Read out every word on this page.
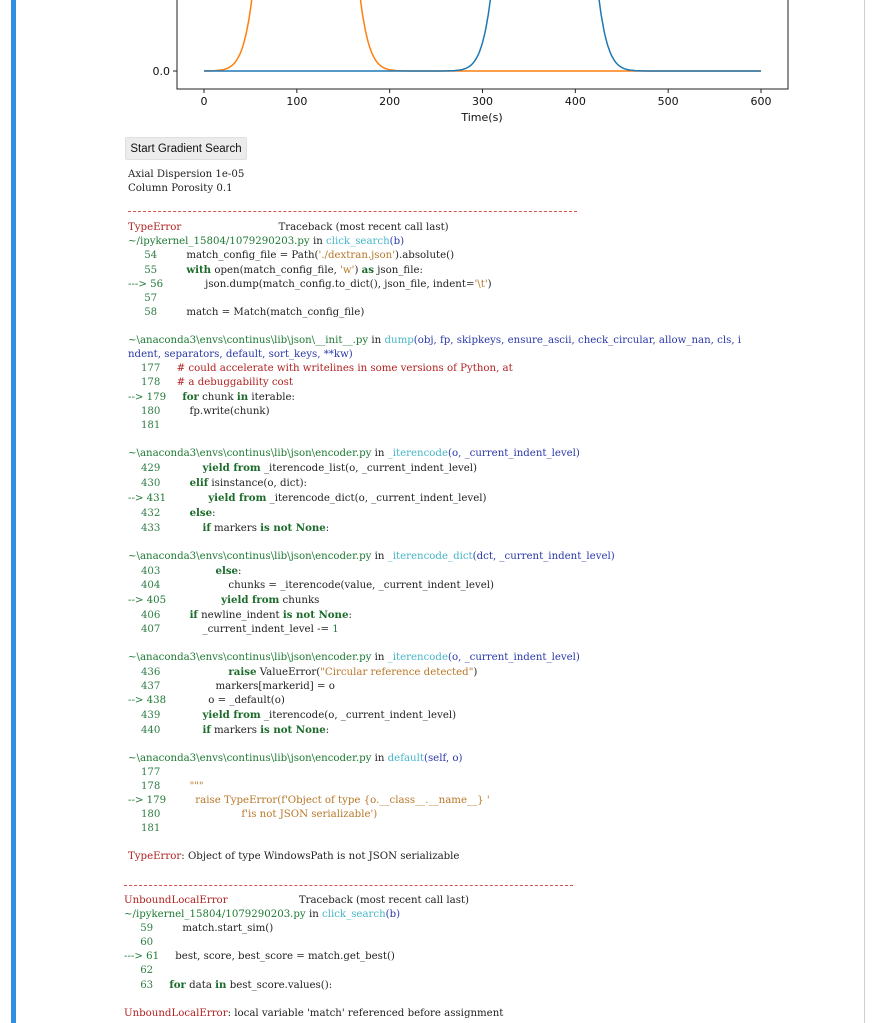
0	100	200	300	400	500	600
0.0
Time(s)
Start Gradient Search
Axial Dispersion 1e-05
Column Porosity 0.1
TypeError	Traceback (most recent call last)
~/ipykernel_15804/1079290203.py in click_search(b)
54         match_config_file = Path('./dextran.json').absolute()
55	with open(match_config_file, 'w') as json_file:
---> 56             json.dump(match_config.to_dict(), json_file, indent='\t')
57
58	match = Match(match_config_file)

~\anaconda3\envs\continus\lib\json\__init__.py in dump(obj, fp, skipkeys, ensure_ascii, check_circular, allow_nan, cls, i
ndent, separators, default, sort_keys, **kw)
177     # could accelerate with writelines in some versions of Python, at
178     # a debuggability cost
--> 179     for chunk in iterable:
180	fp.write(chunk)
181

~\anaconda3\envs\continus\lib\json\encoder.py in _iterencode(o, _current_indent_level)
429	yield from _iterencode_list(o, _current_indent_level)
430	elif isinstance(o, dict):
--> 431	yield from _iterencode_dict(o, _current_indent_level)
432	else:
433	if markers is not None:

~\anaconda3\envs\continus\lib\json\encoder.py in _iterencode_dict(dct, _current_indent_level)
403	else:
404	chunks = _iterencode(value, _current_indent_level)
--> 405	yield from chunks
406	if newline_indent is not None:
407             _current_indent_level -= 1

~\anaconda3\envs\continus\lib\json\encoder.py in _iterencode(o, _current_indent_level)
436	raise ValueError("Circular reference detected")
437	markers[markerid] = o
--> 438	o = _default(o)
439	yield from _iterencode(o, _current_indent_level)
440	if markers is not None:

~\anaconda3\envs\continus\lib\json\encoder.py in default(self, o)
177
178	"""
--> 179	raise TypeError(f'Object of type {o.__class__.__name__} '
180	f'is not JSON serializable')
181

TypeError: Object of type WindowsPath is not JSON serializable
UnboundLocalError	Traceback (most recent call last)
~/ipykernel_15804/1079290203.py in click_search(b)
59	match.start_sim()
60
---> 61     best, score, best_score = match.get_best()
62
63     for data in best_score.values():

UnboundLocalError: local variable 'match' referenced before assignment
